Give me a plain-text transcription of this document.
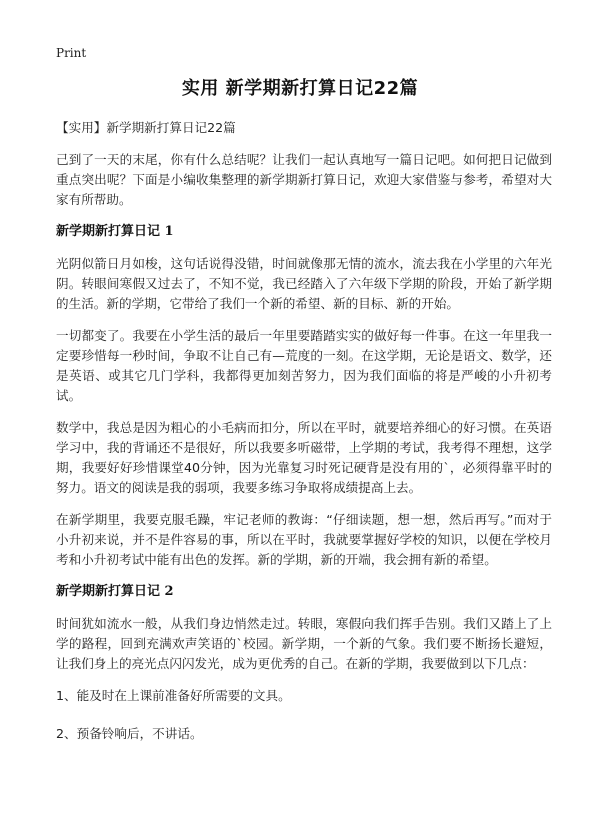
Print
实用 新学期新打算日记22篇

【实用】新学期新打算日记22篇

己到了一天的末尾，你有什么总结呢？让我们一起认真地写一篇日记吧。如何把日记做到重点突出呢？下面是小编收集整理的新学期新打算日记，欢迎大家借鉴与参考，希望对大家有所帮助。

新学期新打算日记 1

光阴似箭日月如梭，这句话说得没错，时间就像那无情的流水，流去我在小学里的六年光阴。转眼间寒假又过去了，不知不觉，我已经踏入了六年级下学期的阶段，开始了新学期的生活。新的学期，它带给了我们一个新的希望、新的目标、新的开始。

一切都变了。我要在小学生活的最后一年里要踏踏实实的做好每一件事。在这一年里我一定要珍惜每一秒时间，争取不让自己有—荒度的一刻。在这学期，无论是语文、数学，还是英语、或其它几门学科，我都得更加刻苦努力，因为我们面临的将是严峻的小升初考试。

数学中，我总是因为粗心的小毛病而扣分，所以在平时，就要培养细心的好习惯。在英语学习中，我的背诵还不是很好，所以我要多听磁带，上学期的考试，我考得不理想，这学期，我要好好珍惜课堂40分钟，因为光靠复习时死记硬背是没有用的`，必须得靠平时的努力。语文的阅读是我的弱项，我要多练习争取将成绩提高上去。

在新学期里，我要克服毛躁，牢记老师的教诲：“仔细读题，想一想，然后再写。”而对于小升初来说，并不是件容易的事，所以在平时，我就要掌握好学校的知识，以便在学校月考和小升初考试中能有出色的发挥。新的学期，新的开端，我会拥有新的希望。

新学期新打算日记 2

时间犹如流水一般，从我们身边悄然走过。转眼，寒假向我们挥手告别。我们又踏上了上学的路程，回到充满欢声笑语的`校园。新学期，一个新的气象。我们要不断扬长避短，让我们身上的亮光点闪闪发光，成为更优秀的自己。在新的学期，我要做到以下几点：

1、能及时在上课前准备好所需要的文具。

2、预备铃响后，不讲话。
